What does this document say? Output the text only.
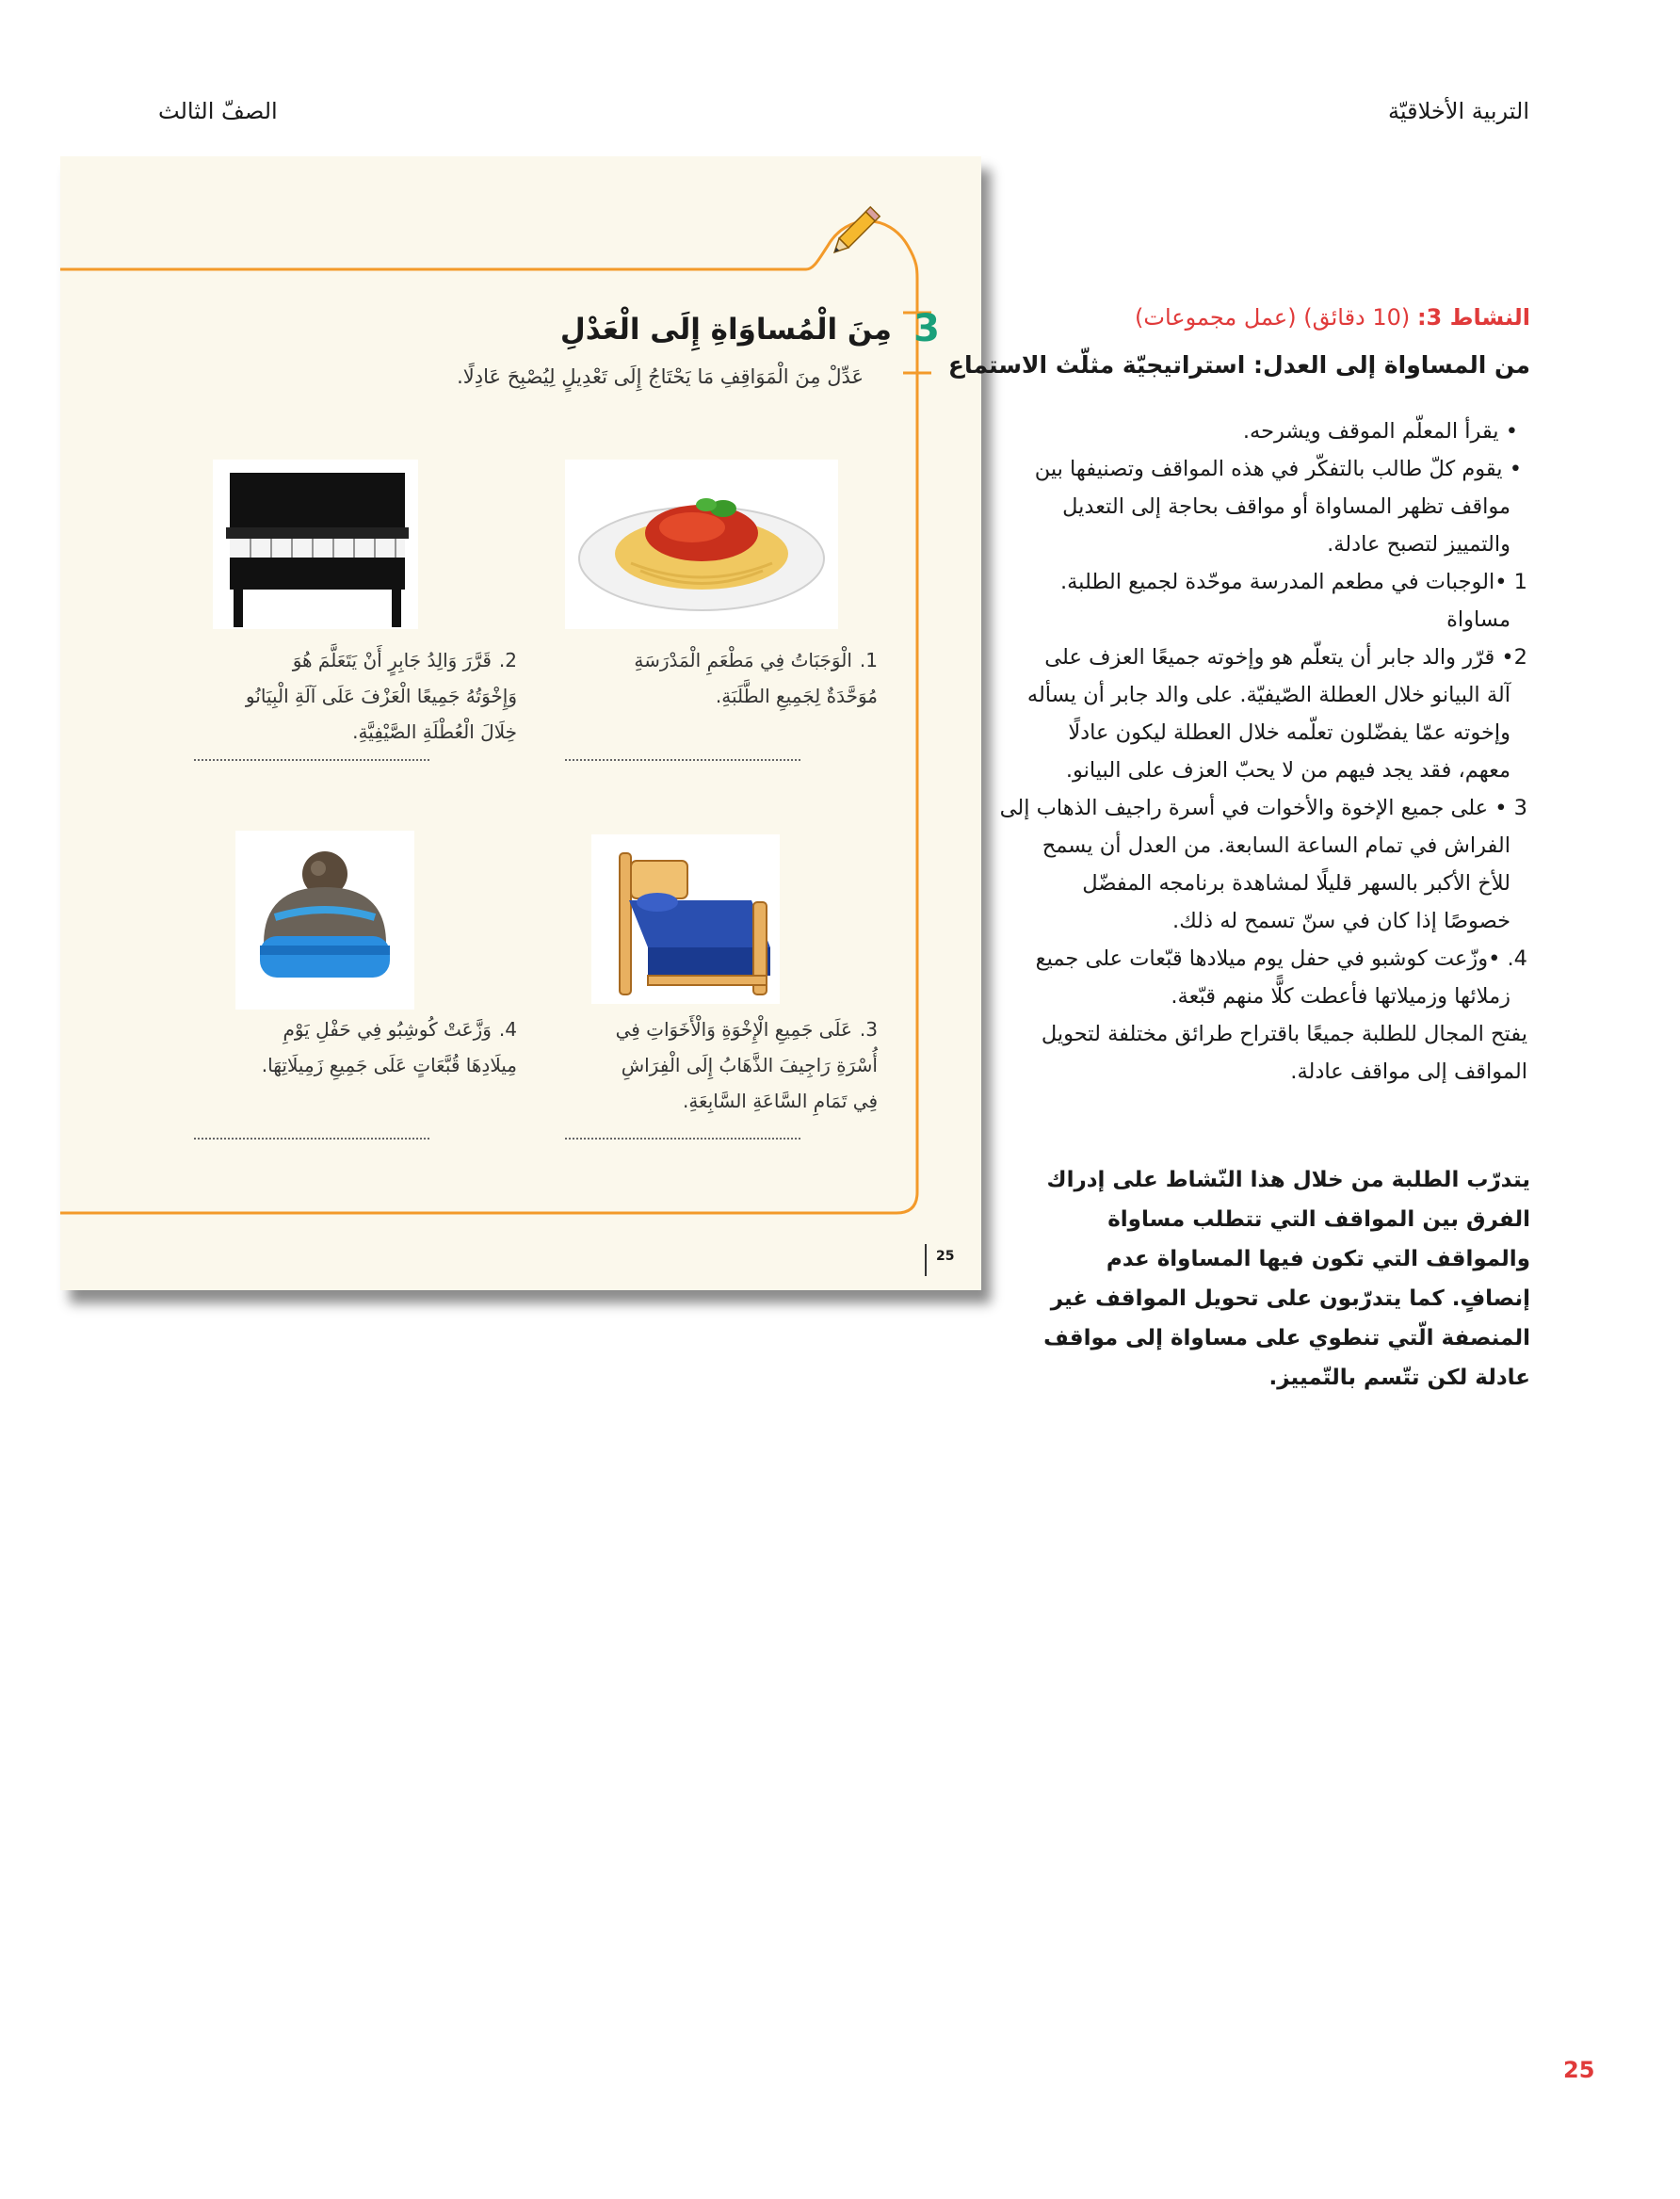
التربية الأخلاقيّة
الصفّ الثالث
3
مِنَ الْمُساوَاةِ إِلَى الْعَدْلِ
عَدِّلْ مِنَ الْمَوَاقِفِ مَا يَحْتَاجُ إِلَى تَعْدِيلٍ لِيُصْبِحَ عَادِلًا.
1.الْوَجَبَاتُ فِي مَطْعَمِ الْمَدْرَسَةِ مُوَحَّدَةٌ لِجَمِيعِ الطَّلَبَةِ.
2.قَرَّرَ وَالِدُ جَابِرٍ أَنْ يَتَعَلَّمَ هُوَ وَإِخْوَتُهُ جَمِيعًا الْعَزْفَ عَلَى آلَةِ الْبِيَانُو خِلَالَ الْعُطْلَةِ الصَّيْفِيَّةِ.
3.عَلَى جَمِيعِ الْإِخْوَةِ وَالْأَخَوَاتِ فِي أُسْرَةِ رَاجِيفَ الذَّهَابُ إِلَى الْفِرَاشِ فِي تَمَامِ السَّاعَةِ السَّابِعَةِ.
4.وَزَّعَتْ كُوشِبُو فِي حَفْلِ يَوْمِ مِيلَادِهَا قُبَّعَاتٍ عَلَى جَمِيعِ زَمِيلَاتِهَا.
25
النشاط 3: (10 دقائق) (عمل مجموعات)
من المساواة إلى العدل: استراتيجيّة مثلّث الاستماع
• يقرأ المعلّم الموقف ويشرحه.
• يقوم كلّ طالب بالتفكّر في هذه المواقف وتصنيفها بين
مواقف تظهر المساواة أو مواقف بحاجة إلى التعديل
والتمييز لتصبح عادلة.
1 •الوجبات في مطعم المدرسة موحّدة لجميع الطلبة.
مساواة
2• قرّر والد جابر أن يتعلّم هو وإخوته جميعًا العزف على
آلة البيانو خلال العطلة الصّيفيّة. على والد جابر أن يسأله
وإخوته عمّا يفضّلون تعلّمه خلال العطلة ليكون عادلًا
معهم، فقد يجد فيهم من لا يحبّ العزف على البيانو.
3 • على جميع الإخوة والأخوات في أسرة راجيف الذهاب إلى
الفراش في تمام الساعة السابعة. من العدل أن يسمح
للأخ الأكبر بالسهر قليلًا لمشاهدة برنامجه المفضّل
خصوصًا إذا كان في سنّ تسمح له ذلك.
4. •وزّعت كوشبو في حفل يوم ميلادها قبّعات على جميع
زملائها وزميلاتها فأعطت كلًّا منهم قبّعة.
يفتح المجال للطلبة جميعًا باقتراح طرائق مختلفة لتحويل
المواقف إلى مواقف عادلة.
يتدرّب الطلبة من خلال هذا النّشاط على إدراك الفرق بين المواقف التي تتطلب مساواة والمواقف التي تكون فيها المساواة عدم إنصافٍ. كما يتدرّبون على تحويل المواقف غير المنصفة الّتي تنطوي على مساواة إلى مواقف عادلة لكن تتّسم بالتّمييز.
25
